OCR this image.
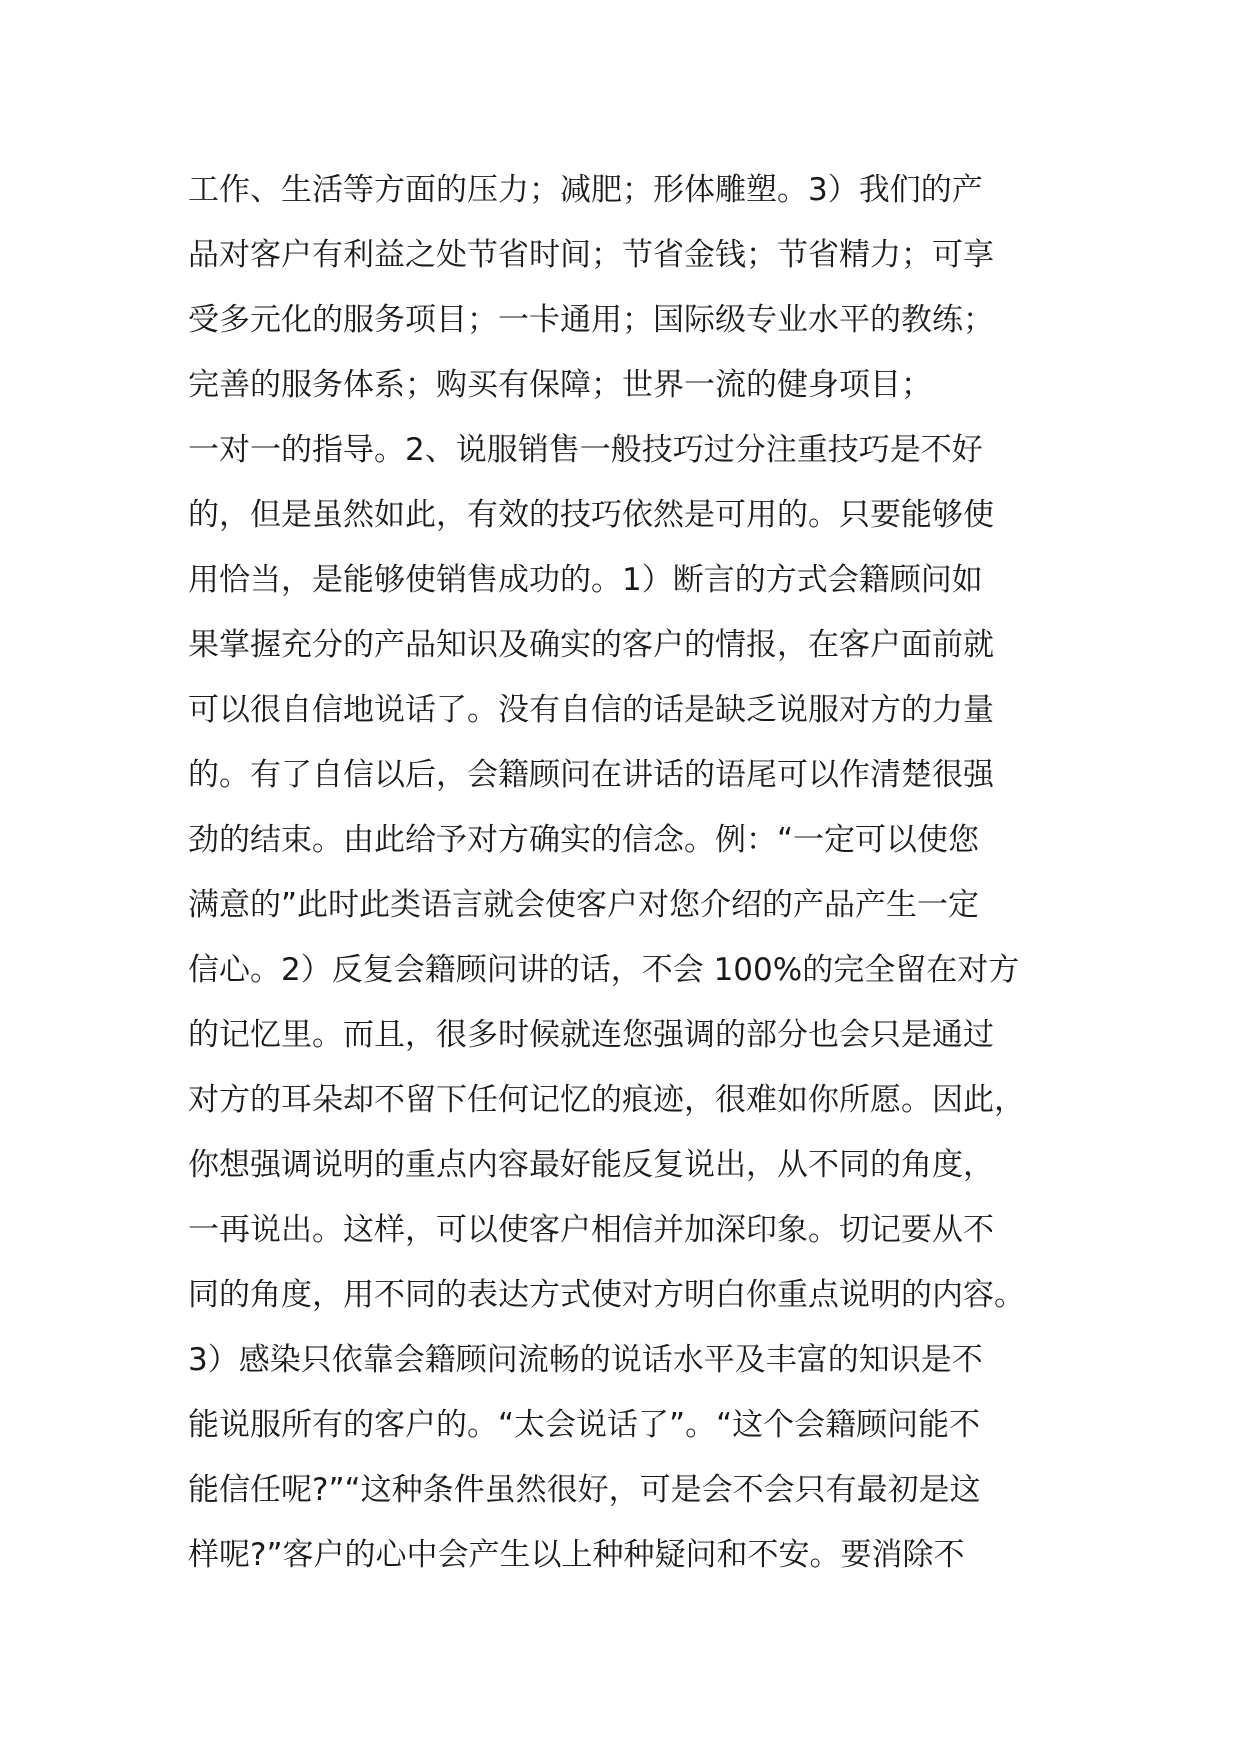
工作、生活等方面的压力；减肥；形体雕塑。3）我们的产
品对客户有利益之处节省时间；节省金钱；节省精力；可享
受多元化的服务项目；一卡通用；国际级专业水平的教练；
完善的服务体系；购买有保障；世界一流的健身项目；
一对一的指导。2、说服销售一般技巧过分注重技巧是不好
的，但是虽然如此，有效的技巧依然是可用的。只要能够使
用恰当，是能够使销售成功的。1）断言的方式会籍顾问如
果掌握充分的产品知识及确实的客户的情报，在客户面前就
可以很自信地说话了。没有自信的话是缺乏说服对方的力量
的。有了自信以后，会籍顾问在讲话的语尾可以作清楚很强
劲的结束。由此给予对方确实的信念。例：“一定可以使您
满意的”此时此类语言就会使客户对您介绍的产品产生一定
信心。2）反复会籍顾问讲的话，不会 100%的完全留在对方
的记忆里。而且，很多时候就连您强调的部分也会只是通过
对方的耳朵却不留下任何记忆的痕迹，很难如你所愿。因此，
你想强调说明的重点内容最好能反复说出，从不同的角度，
一再说出。这样，可以使客户相信并加深印象。切记要从不
同的角度，用不同的表达方式使对方明白你重点说明的内容。
3）感染只依靠会籍顾问流畅的说话水平及丰富的知识是不
能说服所有的客户的。“太会说话了”。“这个会籍顾问能不
能信任呢?”“这种条件虽然很好，可是会不会只有最初是这
样呢?”客户的心中会产生以上种种疑问和不安。要消除不
